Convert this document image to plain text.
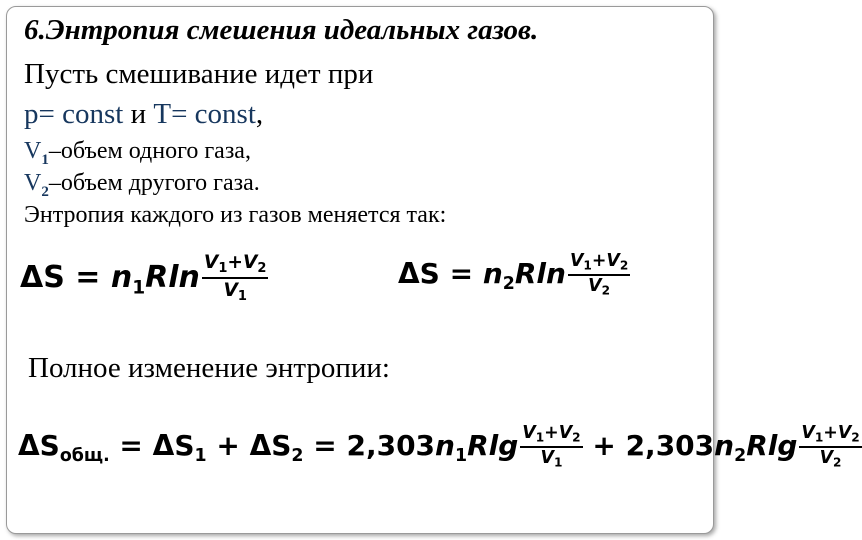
6.Энтропия смешения идеальных газов.
Пусть смешивание идет при
p= const и T= const,
$V_1$–объем одного газа,
$V_2$–объем другого газа.
Энтропия каждого из газов меняется так:
$\Delta S = n_1Rln \frac{V_1+V_2}{V_1}$	$\Delta S = n_2Rln \frac{V_1+V_2}{V_2}$
Полное изменение энтропии:
$\Delta S_{общ.} = \Delta S_1 + \Delta S_2 = 2,303n_1Rlg \frac{V_1+V_2}{V_1} + 2,303n_2Rlg \frac{V_1+V_2}{V_2}$
